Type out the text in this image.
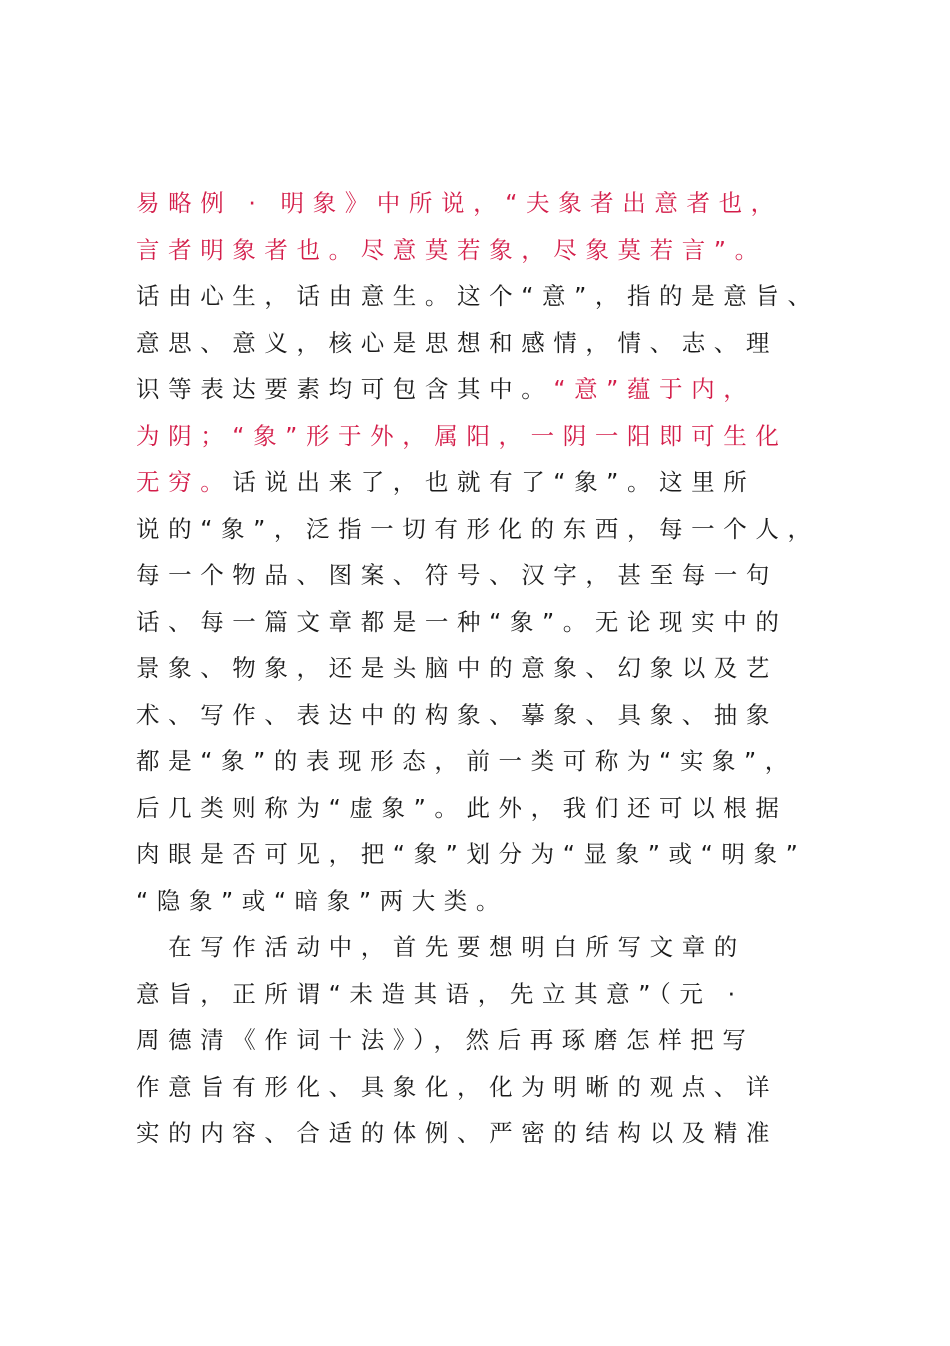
易略例 · 明象》中所说，“夫象者出意者也，
言者明象者也。尽意莫若象，尽象莫若言”。
话由心生，话由意生。这个“意”，指的是意旨、
意思、意义，核心是思想和感情，情、志、理
识等表达要素均可包含其中。“意”蕴于内，
为阴；“象”形于外，属阳，一阴一阳即可生化
无穷。话说出来了，也就有了“象”。这里所
说的“象”，泛指一切有形化的东西，每一个人，
每一个物品、图案、符号、汉字，甚至每一句
话、每一篇文章都是一种“象”。无论现实中的
景象、物象，还是头脑中的意象、幻象以及艺
术、写作、表达中的构象、摹象、具象、抽象
都是“象”的表现形态，前一类可称为“实象”，
后几类则称为“虚象”。此外，我们还可以根据
肉眼是否可见，把“象”划分为“显象”或“明象”
“隐象”或“暗象”两大类。
　在写作活动中，首先要想明白所写文章的
意旨，正所谓“未造其语，先立其意”（元 ·
周德清《作词十法》），然后再琢磨怎样把写
作意旨有形化、具象化，化为明晰的观点、详
实的内容、合适的体例、严密的结构以及精准
